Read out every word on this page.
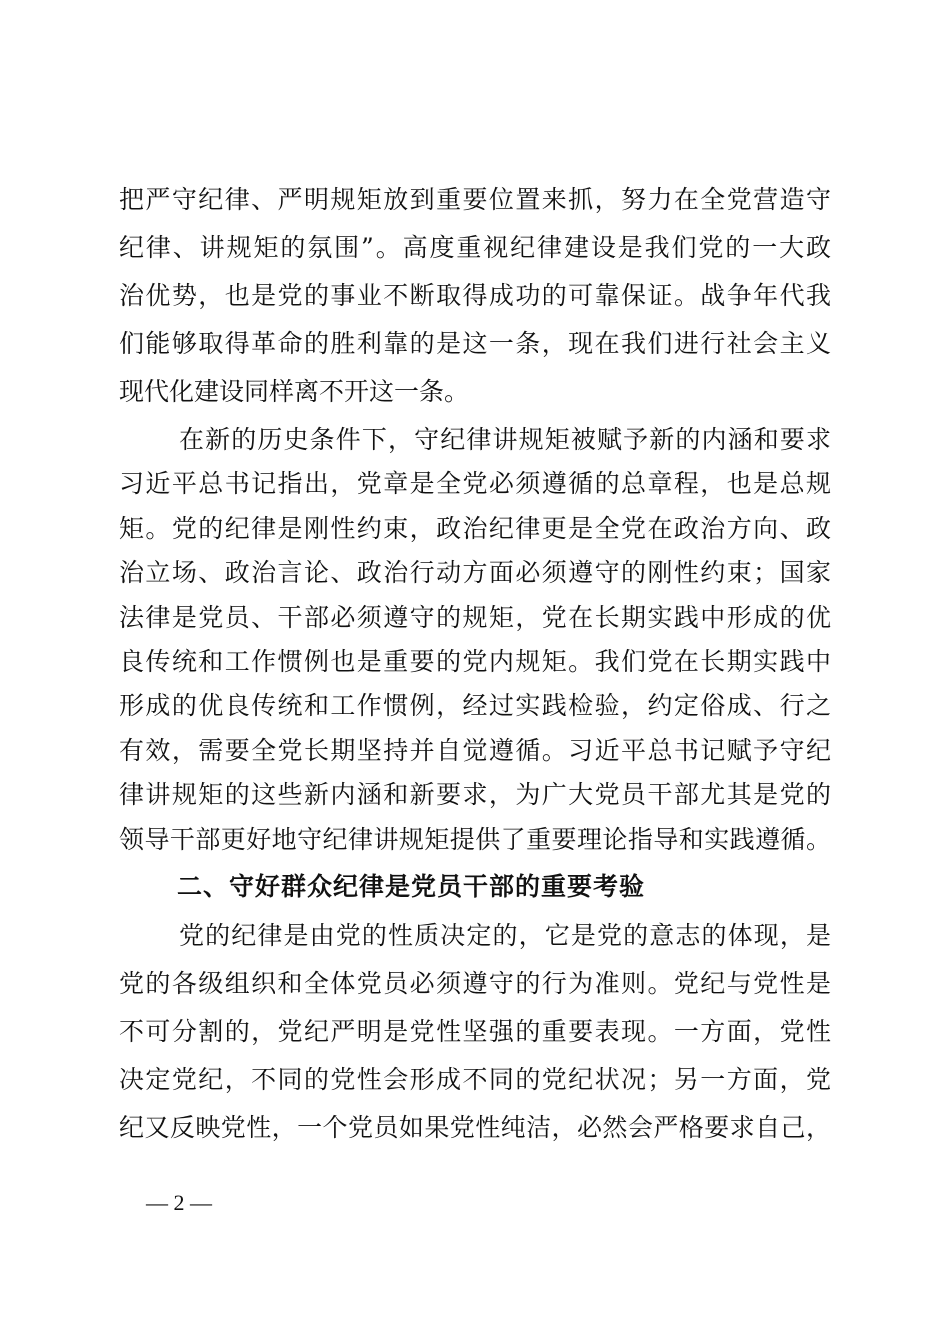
把严守纪律、严明规矩放到重要位置来抓，努力在全党营造守
纪律、讲规矩的氛围”。高度重视纪律建设是我们党的一大政
治优势，也是党的事业不断取得成功的可靠保证。战争年代我
们能够取得革命的胜利靠的是这一条，现在我们进行社会主义
现代化建设同样离不开这一条。
在新的历史条件下，守纪律讲规矩被赋予新的内涵和要求
习近平总书记指出，党章是全党必须遵循的总章程，也是总规
矩。党的纪律是刚性约束，政治纪律更是全党在政治方向、政
治立场、政治言论、政治行动方面必须遵守的刚性约束；国家
法律是党员、干部必须遵守的规矩，党在长期实践中形成的优
良传统和工作惯例也是重要的党内规矩。我们党在长期实践中
形成的优良传统和工作惯例，经过实践检验，约定俗成、行之
有效，需要全党长期坚持并自觉遵循。习近平总书记赋予守纪
律讲规矩的这些新内涵和新要求，为广大党员干部尤其是党的
领导干部更好地守纪律讲规矩提供了重要理论指导和实践遵循。
二、守好群众纪律是党员干部的重要考验
党的纪律是由党的性质决定的，它是党的意志的体现，是
党的各级组织和全体党员必须遵守的行为准则。党纪与党性是
不可分割的，党纪严明是党性坚强的重要表现。一方面，党性
决定党纪，不同的党性会形成不同的党纪状况；另一方面，党
纪又反映党性，一个党员如果党性纯洁，必然会严格要求自己，
— 2 —
